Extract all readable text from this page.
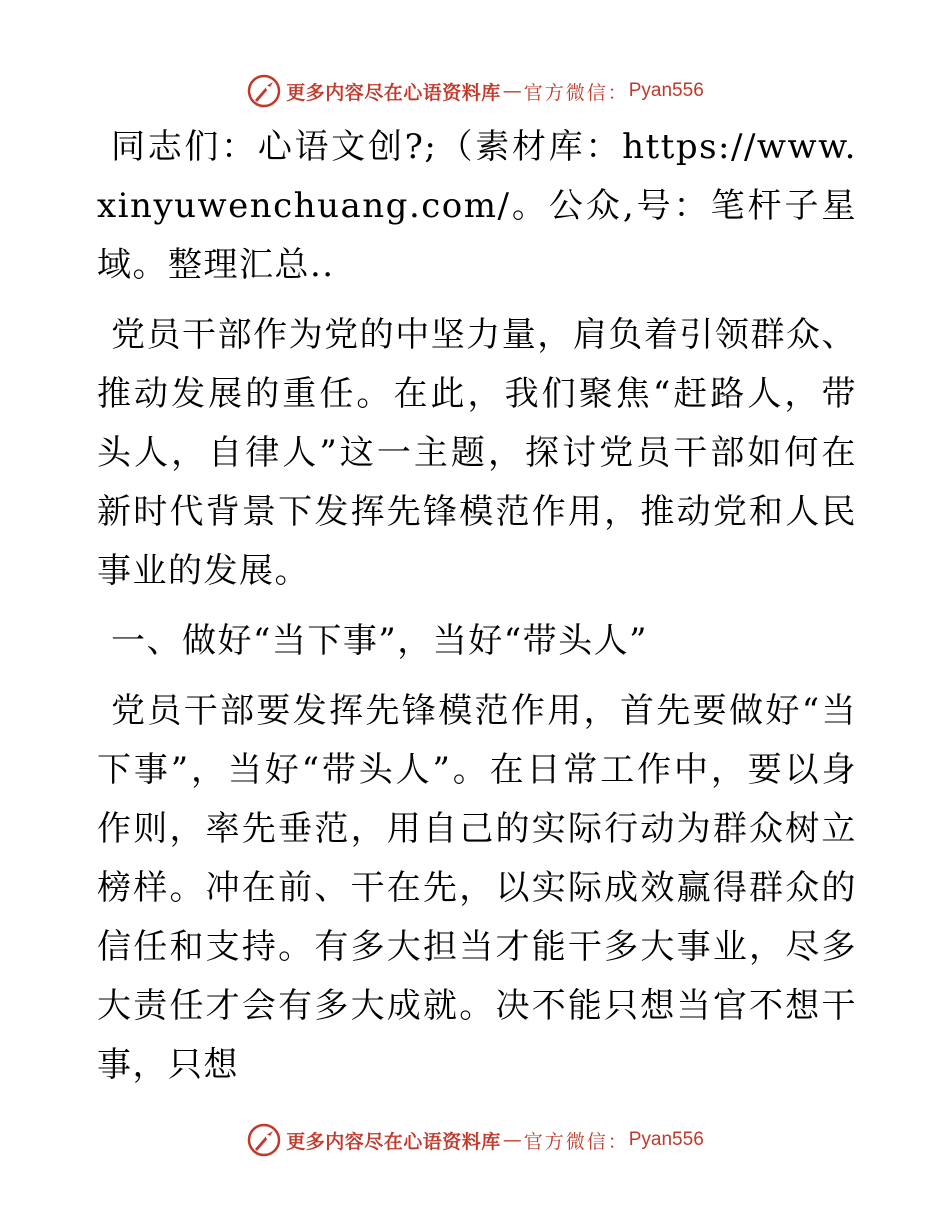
更多内容尽在心语资料库 — 官方微信： Pyan556

同志们：心语文创?;（素材库：https://www.xinyuwenchuang.com/。公众,号：笔杆子星域。整理汇总..

党员干部作为党的中坚力量，肩负着引领群众、推动发展的重任。在此，我们聚焦“赶路人，带头人，自律人”这一主题，探讨党员干部如何在新时代背景下发挥先锋模范作用，推动党和人民事业的发展。

一、做好“当下事”，当好“带头人”

党员干部要发挥先锋模范作用，首先要做好“当下事”，当好“带头人”。在日常工作中，要以身作则，率先垂范，用自己的实际行动为群众树立榜样。冲在前、干在先，以实际成效赢得群众的信任和支持。有多大担当才能干多大事业，尽多大责任才会有多大成就。决不能只想当官不想干事，只想

更多内容尽在心语资料库 — 官方微信： Pyan556
